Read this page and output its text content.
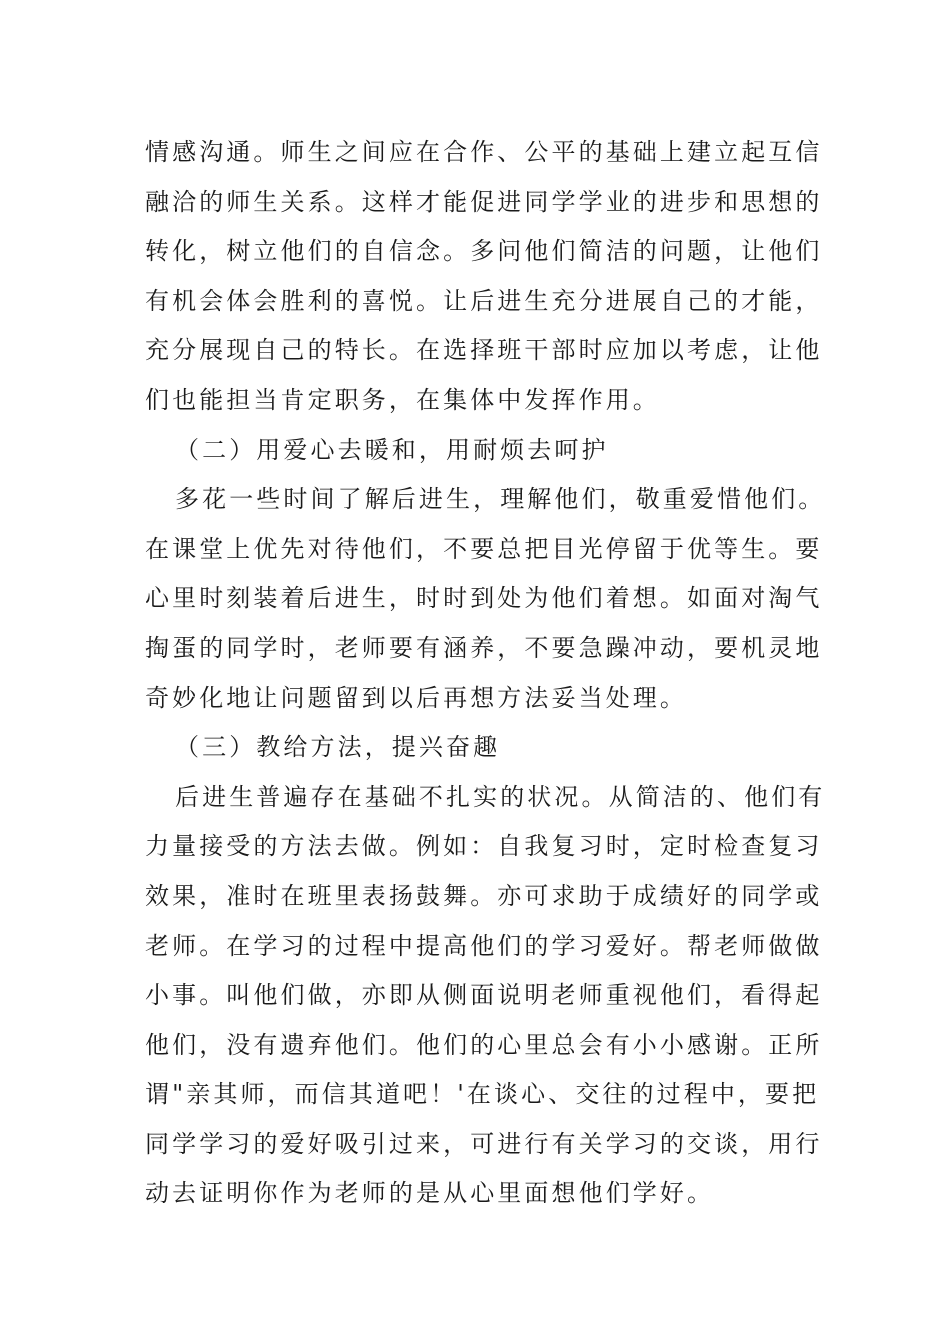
情感沟通。师生之间应在合作、公平的基础上建立起互信
融洽的师生关系。这样才能促进同学学业的进步和思想的
转化，树立他们的自信念。多问他们简洁的问题，让他们
有机会体会胜利的喜悦。让后进生充分进展自己的才能，
充分展现自己的特长。在选择班干部时应加以考虑，让他
们也能担当肯定职务，在集体中发挥作用。
（二）用爱心去暖和，用耐烦去呵护
多花一些时间了解后进生，理解他们，敬重爱惜他们。
在课堂上优先对待他们，不要总把目光停留于优等生。要
心里时刻装着后进生，时时到处为他们着想。如面对淘气
掏蛋的同学时，老师要有涵养，不要急躁冲动，要机灵地
奇妙化地让问题留到以后再想方法妥当处理。
（三）教给方法，提兴奋趣
后进生普遍存在基础不扎实的状况。从简洁的、他们有
力量接受的方法去做。例如：自我复习时，定时检查复习
效果，准时在班里表扬鼓舞。亦可求助于成绩好的同学或
老师。在学习的过程中提高他们的学习爱好。帮老师做做
小事。叫他们做，亦即从侧面说明老师重视他们，看得起
他们，没有遗弃他们。他们的心里总会有小小感谢。正所
谓"亲其师，而信其道吧！'在谈心、交往的过程中，要把
同学学习的爱好吸引过来，可进行有关学习的交谈，用行
动去证明你作为老师的是从心里面想他们学好。
